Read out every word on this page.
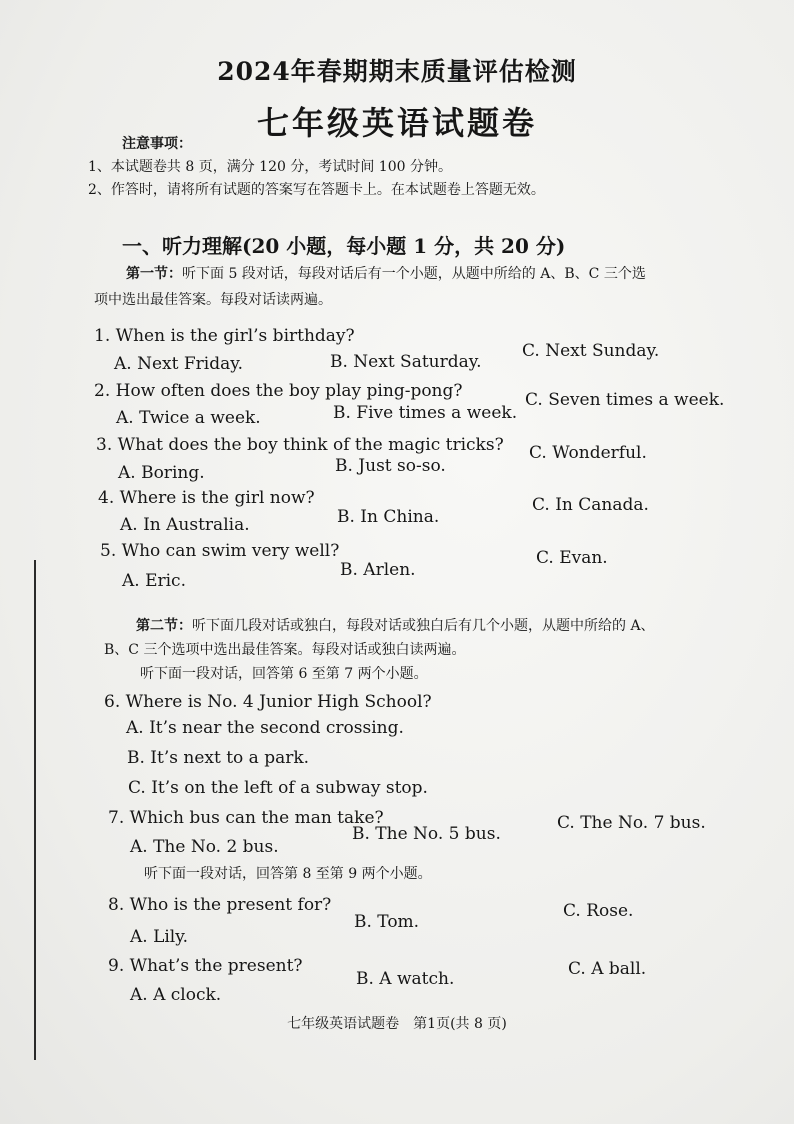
2024年春期期末质量评估检测
七年级英语试题卷
注意事项：
1、本试题卷共 8 页，满分 120 分，考试时间 100 分钟。
2、作答时，请将所有试题的答案写在答题卡上。在本试题卷上答题无效。
一、听力理解(20 小题，每小题 1 分，共 20 分)
第一节：听下面 5 段对话，每段对话后有一个小题，从题中所给的 A、B、C 三个选
项中选出最佳答案。每段对话读两遍。
1. When is the girl’s birthday?
A. Next Friday.	B. Next Saturday.
C. Next Sunday.
2. How often does the boy play ping-pong?
A. Twice a week.	B. Five times a week.
C. Seven times a week.
3. What does the boy think of the magic tricks?
A. Boring.	B. Just so-so.
C. Wonderful.
4. Where is the girl now?
A. In Australia.	B. In China.
C. In Canada.
5. Who can swim very well?
A. Eric.
B. Arlen.
C. Evan.
第二节：听下面几段对话或独白，每段对话或独白后有几个小题，从题中所给的 A、
B、C 三个选项中选出最佳答案。每段对话或独白读两遍。
听下面一段对话，回答第 6 至第 7 两个小题。
6. Where is No. 4 Junior High School?
A. It’s near the second crossing.
B. It’s next to a park.
C. It’s on the left of a subway stop.
7. Which bus can the man take?
A. The No. 2 bus.
B. The No. 5 bus.
C. The No. 7 bus.
听下面一段对话，回答第 8 至第 9 两个小题。
8. Who is the present for?
A. Lily.
B. Tom.
C. Rose.
9. What’s the present?
A. A clock.
B. A watch.	C. A ball.
七年级英语试题卷　第1页(共 8 页)
